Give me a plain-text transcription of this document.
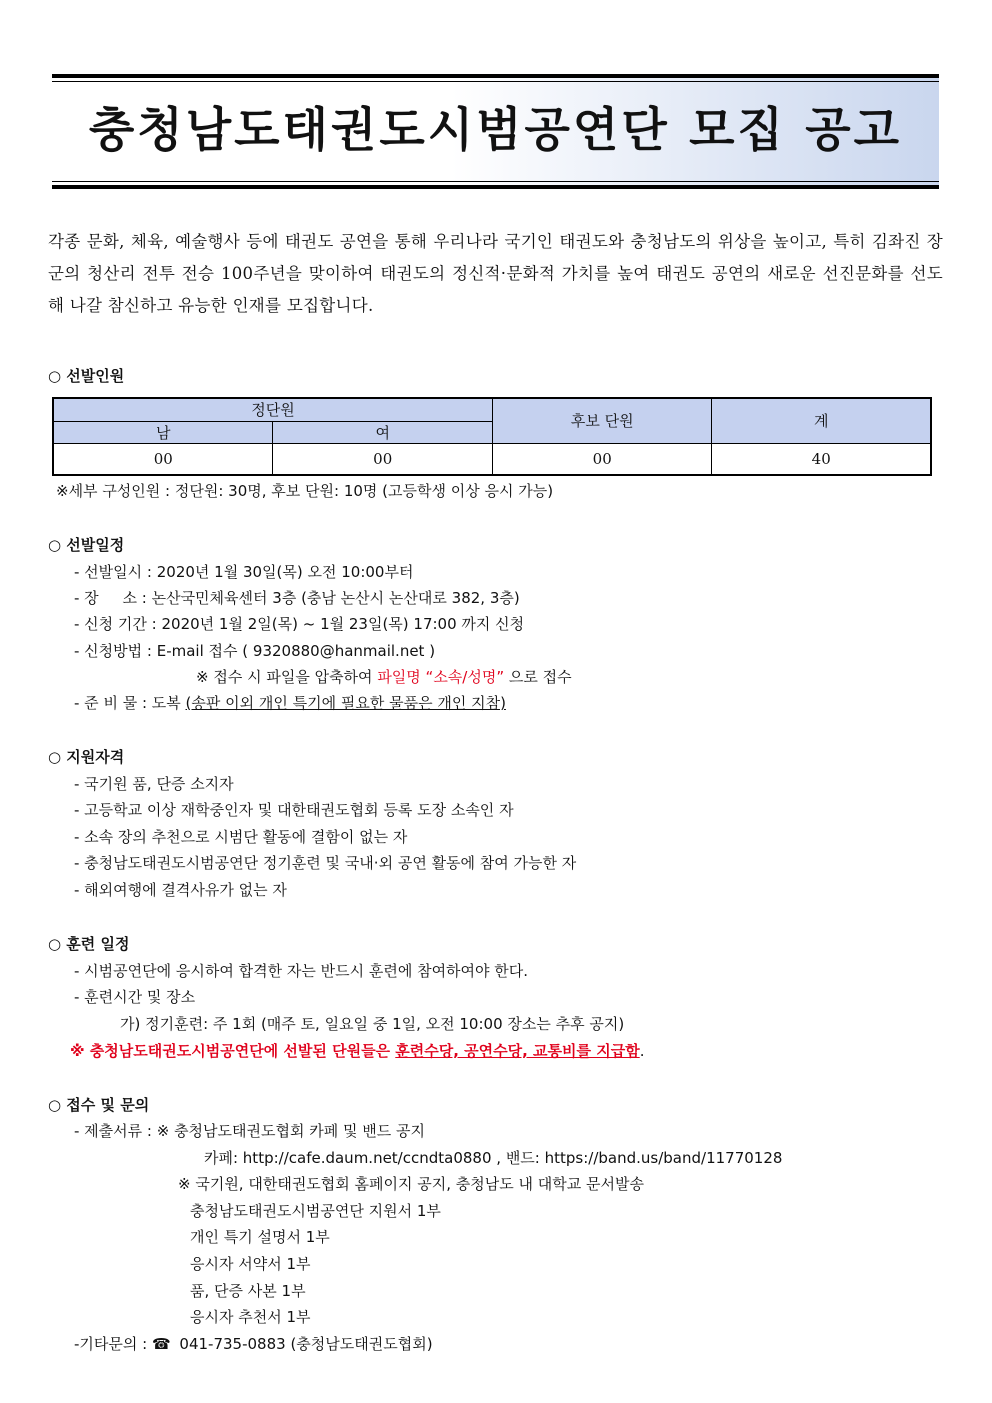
충청남도태권도시범공연단 모집 공고
각종 문화, 체육, 예술행사 등에 태권도 공연을 통해 우리나라 국기인 태권도와 충청남도의 위상을 높이고, 특히 김좌진 장군의 청산리 전투 전승 100주년을 맞이하여 태권도의 정신적·문화적 가치를 높여 태권도 공연의 새로운 선진문화를 선도해 나갈 참신하고 유능한 인재를 모집합니다.
○ 선발인원
정단원		후보 단원	계
남	여		
00	00	00	40
※세부 구성인원 : 정단원: 30명, 후보 단원: 10명 (고등학생 이상 응시 가능)
○ 선발일정
- 선발일시 : 2020년 1월 30일(목) 오전 10:00부터
- 장     소 : 논산국민체육센터 3층 (충남 논산시 논산대로 382, 3층)
- 신청 기간 : 2020년 1월 2일(목) ~ 1월 23일(목) 17:00 까지 신청
- 신청방법 : E-mail 접수 ( 9320880@hanmail.net )
※ 접수 시 파일을 압축하여 파일명 “소속/성명” 으로 접수
- 준 비 물 : 도복 (송판 이외 개인 특기에 필요한 물품은 개인 지참)
○ 지원자격
- 국기원 품, 단증 소지자
- 고등학교 이상 재학중인자 및 대한태권도협회 등록 도장 소속인 자
- 소속 장의 추천으로 시범단 활동에 결함이 없는 자
- 충청남도태권도시범공연단 정기훈련 및 국내·외 공연 활동에 참여 가능한 자
- 해외여행에 결격사유가 없는 자
○ 훈련 일정
- 시범공연단에 응시하여 합격한 자는 반드시 훈련에 참여하여야 한다.
- 훈련시간 및 장소
가) 정기훈련: 주 1회 (매주 토, 일요일 중 1일, 오전 10:00 장소는 추후 공지)
※ 충청남도태권도시범공연단에 선발된 단원들은 훈련수당, 공연수당, 교통비를 지급함.
○ 접수 및 문의
- 제출서류 : ※ 충청남도태권도협회 카페 및 밴드 공지
카페: http://cafe.daum.net/ccndta0880 , 밴드: https://band.us/band/11770128
※ 국기원, 대한태권도협회 홈페이지 공지, 충청남도 내 대학교 문서발송
충청남도태권도시범공연단 지원서 1부
개인 특기 설명서 1부
응시자 서약서 1부
품, 단증 사본 1부
응시자 추천서 1부
-기타문의 : ☎ 041-735-0883 (충청남도태권도협회)
